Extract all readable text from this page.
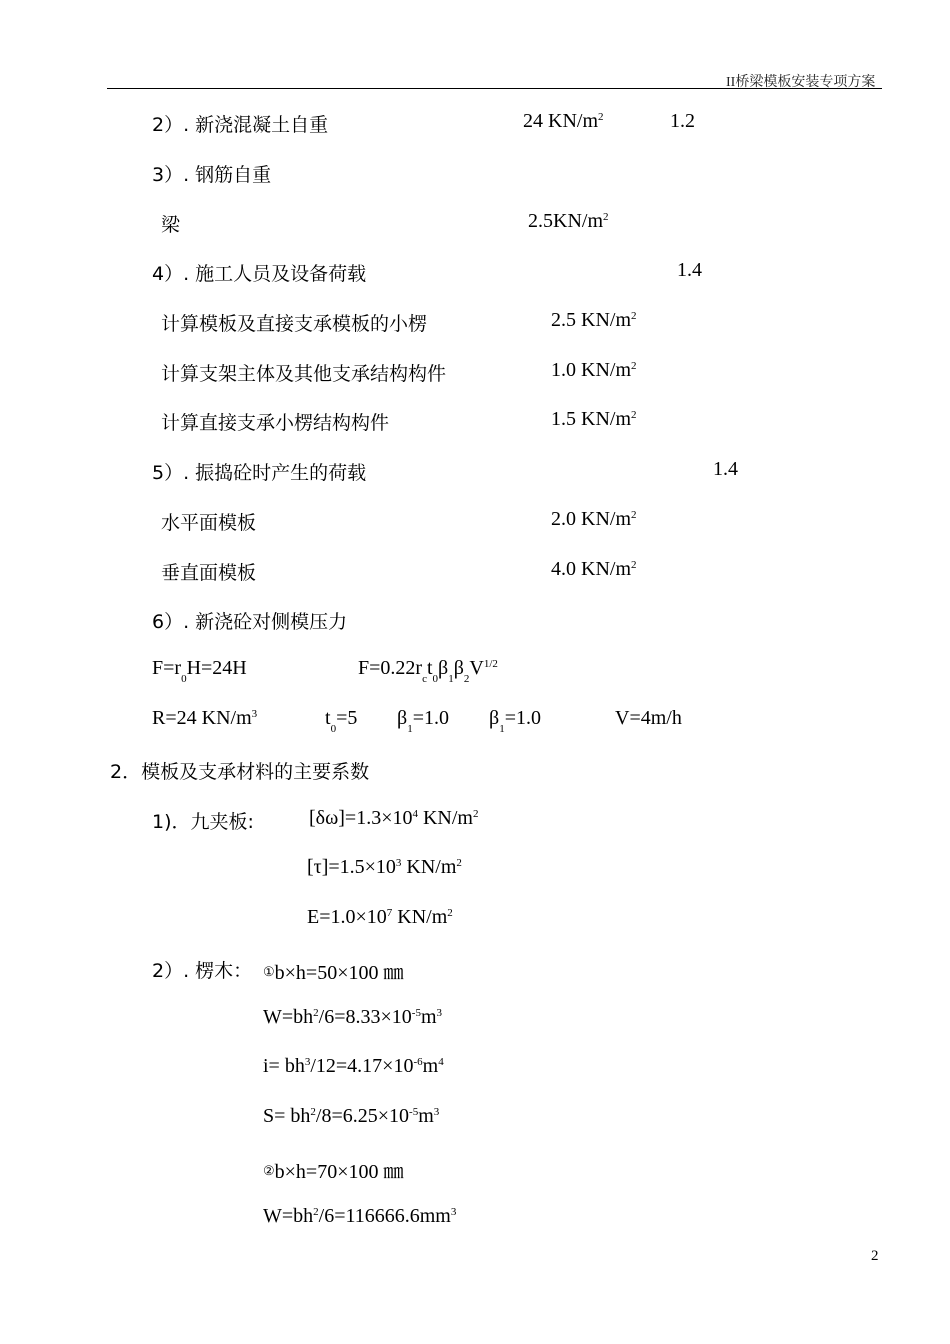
II桥梁模板安装专项方案
2）. 新浇混凝土自重	24 $KN/m^2$	1.2
3）. 钢筋自重
梁	$2.5KN/m^2$
4）. 施工人员及设备荷载	1.4
计算模板及直接支承模板的小楞	2.5 $KN/m^2$
计算支架主体及其他支承结构构件	1.0 $KN/m^2$
计算直接支承小楞结构构件	1.5 $KN/m^2$
5）. 振捣砼时产生的荷载	1.4
水平面模板	2.0 $KN/m^2$
垂直面模板	4.0 $KN/m^2$
6）. 新浇砼对侧模压力
$F=r_0H=24H$	$F=0.22r_ct_0\beta_1\beta_2V^{1/2}$
R=24 $KN/m^3$	$t_0=5$ $\beta_1=1.0$ $\beta_1=1.0$	V=4m/h
2．模板及支承材料的主要系数
1)．九夹板:	$[\delta\omega]=1.3\times 10^4$ $KN/m^2$
$[\tau]=1.5\times 10^3$ $KN/m^2$
$E=1.0\times 10^7$ $KN/m^2$
2）. 楞木： ①b×h=50×100 ㎜
$W=bh^2/6=8.33\times 10^{-5}m^3$
$i= bh^3/12=4.17\times 10^{-6}m^4$
$S= bh^2/8=6.25\times 10^{-5}m^3$
②b×h=70×100 ㎜
$W=bh^2/6=116666.6mm^3$
2
